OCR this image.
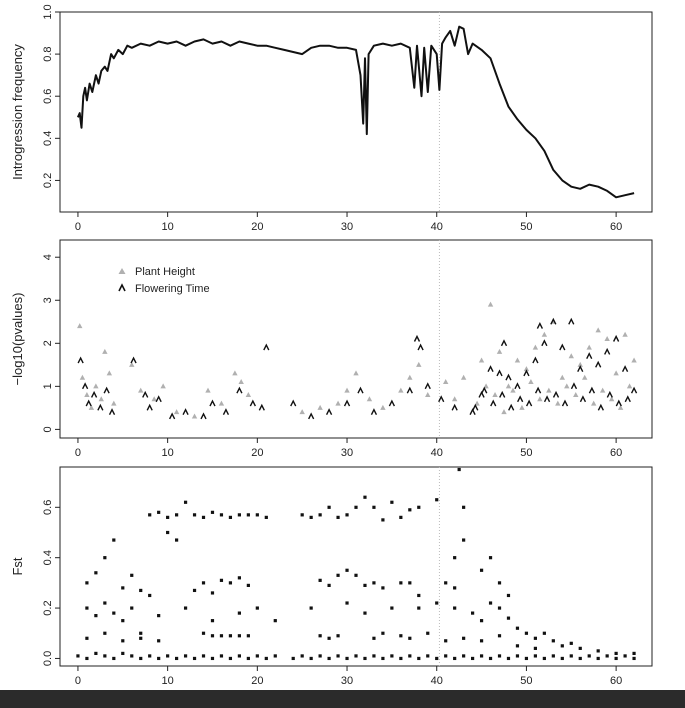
0	10	20	30	40	50	60
0.2
0.4
0.6
0.8
1.0
Introgression frequency
0	10	20	30	40	50	60
0
1
2
3
4
−log10(pvalues)
Plant Height
Flowering Time
0	10	20	30	40	50	60
0.0
0.2
0.4
0.6
Fst
